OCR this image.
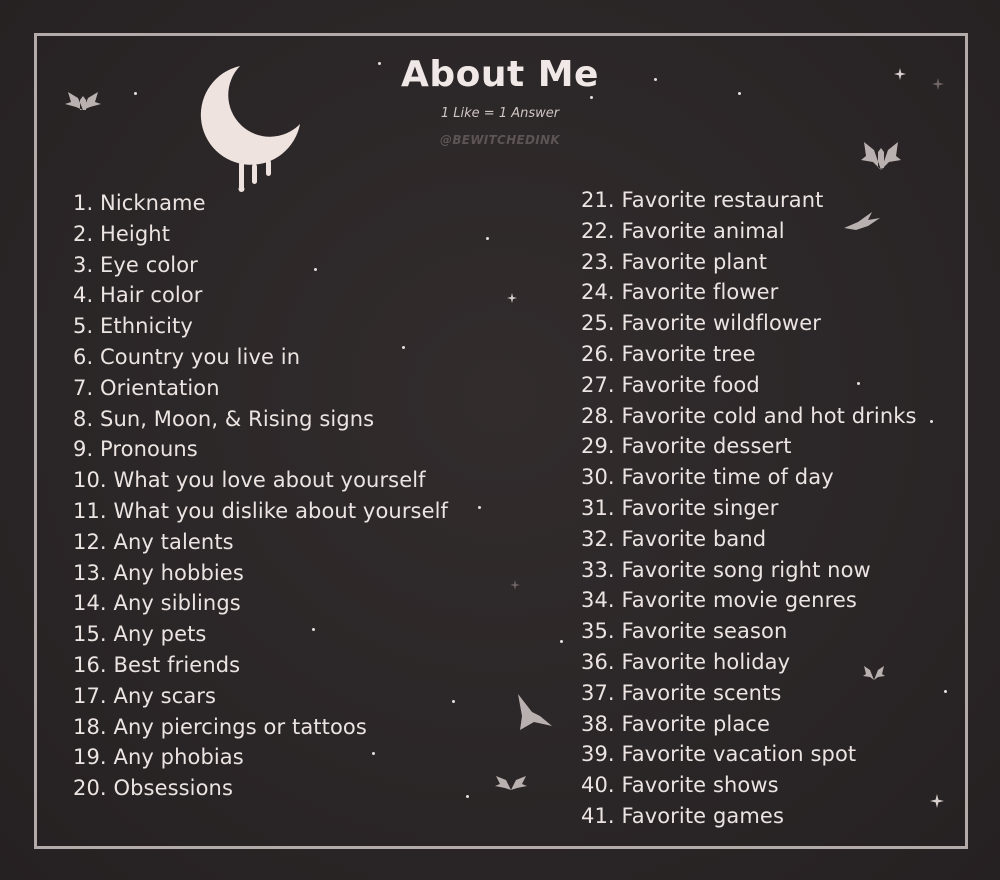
About Me
1 Like = 1 Answer
@BEWITCHEDINK
1. Nickname
2. Height
3. Eye color
4. Hair color
5. Ethnicity
6. Country you live in
7. Orientation
8. Sun, Moon, & Rising signs
9. Pronouns
10. What you love about yourself
11. What you dislike about yourself
12. Any talents
13. Any hobbies
14. Any siblings
15. Any pets
16. Best friends
17. Any scars
18. Any piercings or tattoos
19. Any phobias
20. Obsessions
21. Favorite restaurant
22. Favorite animal
23. Favorite plant
24. Favorite flower
25. Favorite wildflower
26. Favorite tree
27. Favorite food
28. Favorite cold and hot drinks
29. Favorite dessert
30. Favorite time of day
31. Favorite singer
32. Favorite band
33. Favorite song right now
34. Favorite movie genres
35. Favorite season
36. Favorite holiday
37. Favorite scents
38. Favorite place
39. Favorite vacation spot
40. Favorite shows
41. Favorite games
